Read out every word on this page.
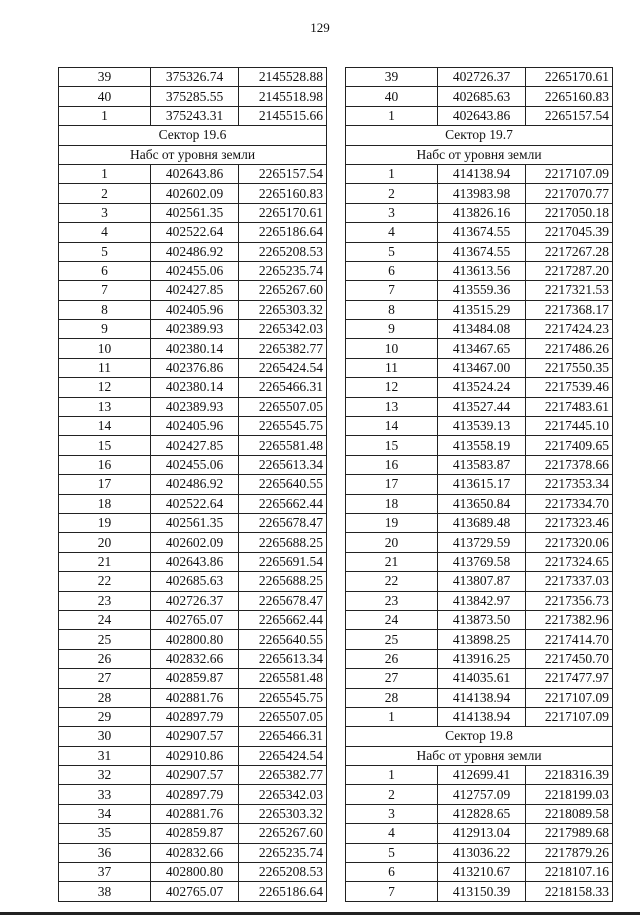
129
39	375326.74	2145528.88
40	375285.55	2145518.98
1	375243.31	2145515.66
Сектор 19.6		
Набс от уровня земли		
1	402643.86	2265157.54
2	402602.09	2265160.83
3	402561.35	2265170.61
4	402522.64	2265186.64
5	402486.92	2265208.53
6	402455.06	2265235.74
7	402427.85	2265267.60
8	402405.96	2265303.32
9	402389.93	2265342.03
10	402380.14	2265382.77
11	402376.86	2265424.54
12	402380.14	2265466.31
13	402389.93	2265507.05
14	402405.96	2265545.75
15	402427.85	2265581.48
16	402455.06	2265613.34
17	402486.92	2265640.55
18	402522.64	2265662.44
19	402561.35	2265678.47
20	402602.09	2265688.25
21	402643.86	2265691.54
22	402685.63	2265688.25
23	402726.37	2265678.47
24	402765.07	2265662.44
25	402800.80	2265640.55
26	402832.66	2265613.34
27	402859.87	2265581.48
28	402881.76	2265545.75
29	402897.79	2265507.05
30	402907.57	2265466.31
31	402910.86	2265424.54
32	402907.57	2265382.77
33	402897.79	2265342.03
34	402881.76	2265303.32
35	402859.87	2265267.60
36	402832.66	2265235.74
37	402800.80	2265208.53
38	402765.07	2265186.64
39	402726.37	2265170.61
40	402685.63	2265160.83
1	402643.86	2265157.54
Сектор 19.7		
Набс от уровня земли		
1	414138.94	2217107.09
2	413983.98	2217070.77
3	413826.16	2217050.18
4	413674.55	2217045.39
5	413674.55	2217267.28
6	413613.56	2217287.20
7	413559.36	2217321.53
8	413515.29	2217368.17
9	413484.08	2217424.23
10	413467.65	2217486.26
11	413467.00	2217550.35
12	413524.24	2217539.46
13	413527.44	2217483.61
14	413539.13	2217445.10
15	413558.19	2217409.65
16	413583.87	2217378.66
17	413615.17	2217353.34
18	413650.84	2217334.70
19	413689.48	2217323.46
20	413729.59	2217320.06
21	413769.58	2217324.65
22	413807.87	2217337.03
23	413842.97	2217356.73
24	413873.50	2217382.96
25	413898.25	2217414.70
26	413916.25	2217450.70
27	414035.61	2217477.97
28	414138.94	2217107.09
1	414138.94	2217107.09
Сектор 19.8		
Набс от уровня земли		
1	412699.41	2218316.39
2	412757.09	2218199.03
3	412828.65	2218089.58
4	412913.04	2217989.68
5	413036.22	2217879.26
6	413210.67	2218107.16
7	413150.39	2218158.33
